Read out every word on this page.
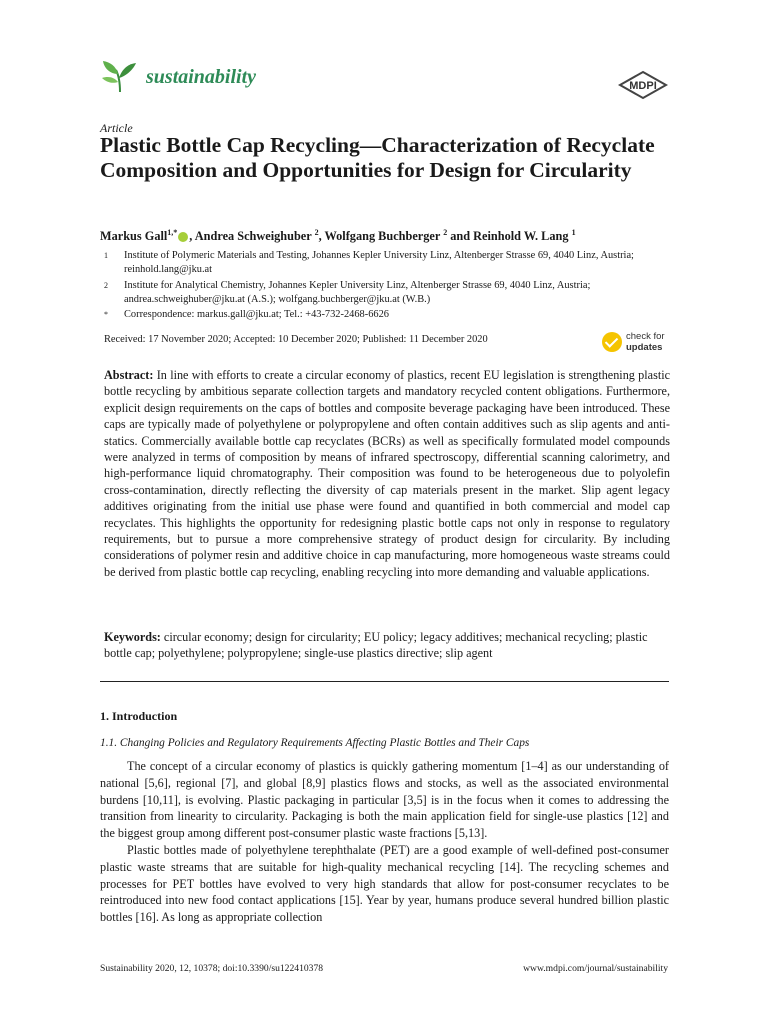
sustainability	MDPI
Article
Plastic Bottle Cap Recycling—Characterization of Recyclate Composition and Opportunities for Design for Circularity
Markus Gall$^{1,*}$ , Andrea Schweighuber $^2$, Wolfgang Buchberger $^2$ and Reinhold W. Lang $^1$
1 Institute of Polymeric Materials and Testing, Johannes Kepler University Linz, Altenberger Strasse 69, 4040 Linz, Austria; reinhold.lang@jku.at
2 Institute for Analytical Chemistry, Johannes Kepler University Linz, Altenberger Strasse 69, 4040 Linz, Austria; andrea.schweighuber@jku.at (A.S.); wolfgang.buchberger@jku.at (W.B.)
* Correspondence: markus.gall@jku.at; Tel.: +43-732-2468-6626
Received: 17 November 2020; Accepted: 10 December 2020; Published: 11 December 2020	check for
updates
Abstract: In line with efforts to create a circular economy of plastics, recent EU legislation is strengthening plastic bottle recycling by ambitious separate collection targets and mandatory recycled content obligations. Furthermore, explicit design requirements on the caps of bottles and composite beverage packaging have been introduced. These caps are typically made of polyethylene or polypropylene and often contain additives such as slip agents and anti-statics. Commercially available bottle cap recyclates (BCRs) as well as specifically formulated model compounds were analyzed in terms of composition by means of infrared spectroscopy, differential scanning calorimetry, and high-performance liquid chromatography. Their composition was found to be heterogeneous due to polyolefin cross-contamination, directly reflecting the diversity of cap materials present in the market. Slip agent legacy additives originating from the initial use phase were found and quantified in both commercial and model cap recyclates. This highlights the opportunity for redesigning plastic bottle caps not only in response to regulatory requirements, but to pursue a more comprehensive strategy of product design for circularity. By including considerations of polymer resin and additive choice in cap manufacturing, more homogeneous waste streams could be derived from plastic bottle cap recycling, enabling recycling into more demanding and valuable applications.
Keywords: circular economy; design for circularity; EU policy; legacy additives; mechanical recycling; plastic bottle cap; polyethylene; polypropylene; single-use plastics directive; slip agent
1. Introduction
1.1. Changing Policies and Regulatory Requirements Affecting Plastic Bottles and Their Caps

The concept of a circular economy of plastics is quickly gathering momentum [1–4] as our understanding of national [5,6], regional [7], and global [8,9] plastics flows and stocks, as well as the associated environmental burdens [10,11], is evolving. Plastic packaging in particular [3,5] is in the focus when it comes to addressing the transition from linearity to circularity. Packaging is both the main application field for single-use plastics [12] and the biggest group among different post-consumer plastic waste fractions [5,13].

Plastic bottles made of polyethylene terephthalate (PET) are a good example of well-defined post-consumer plastic waste streams that are suitable for high-quality mechanical recycling [14]. The recycling schemes and processes for PET bottles have evolved to very high standards that allow for post-consumer recyclates to be reintroduced into new food contact applications [15]. Year by year, humans produce several hundred billion plastic bottles [16]. As long as appropriate collection

Sustainability 2020, 12, 10378; doi:10.3390/su122410378	www.mdpi.com/journal/sustainability
